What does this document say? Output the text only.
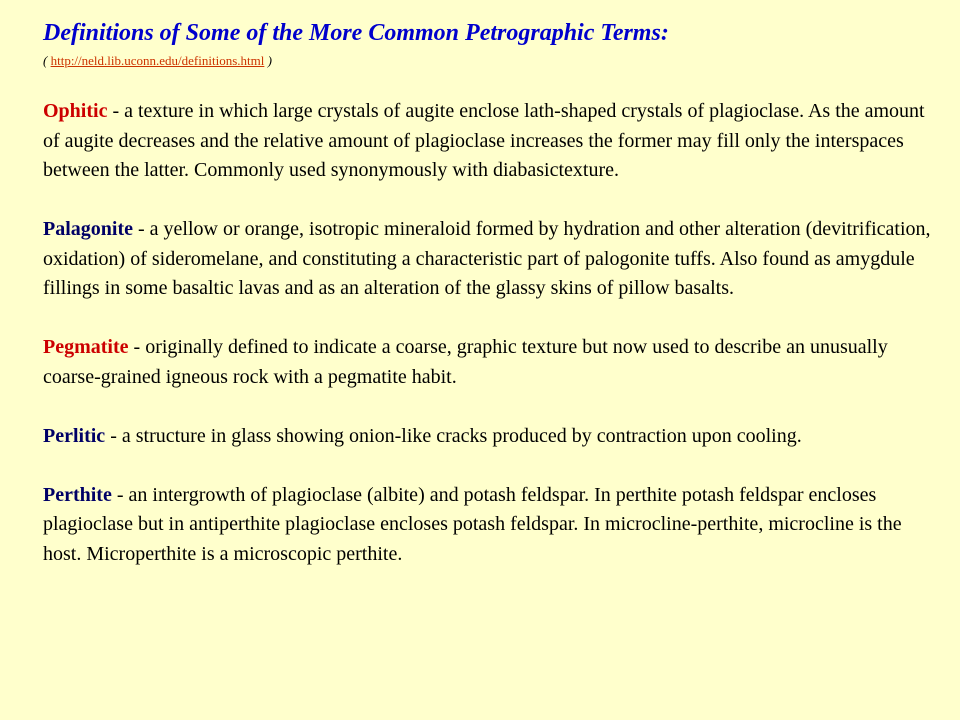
Definitions of Some of the More Common Petrographic Terms:
( http://neld.lib.uconn.edu/definitions.html )

Ophitic - a texture in which large crystals of augite enclose lath-shaped crystals of plagioclase. As the amount of augite decreases and the relative amount of plagioclase increases the former may fill only the interspaces between the latter. Commonly used synonymously with diabasictexture.

Palagonite - a yellow or orange, isotropic mineraloid formed by hydration and other alteration (devitrification, oxidation) of sideromelane, and constituting a characteristic part of palogonite tuffs. Also found as amygdule fillings in some basaltic lavas and as an alteration of the glassy skins of pillow basalts.

Pegmatite - originally defined to indicate a coarse, graphic texture but now used to describe an unusually coarse-grained igneous rock with a pegmatite habit.

Perlitic - a structure in glass showing onion-like cracks produced by contraction upon cooling.

Perthite - an intergrowth of plagioclase (albite) and potash feldspar. In perthite potash feldspar encloses plagioclase but in antiperthite plagioclase encloses potash feldspar. In microcline-perthite, microcline is the host. Microperthite is a microscopic perthite.
